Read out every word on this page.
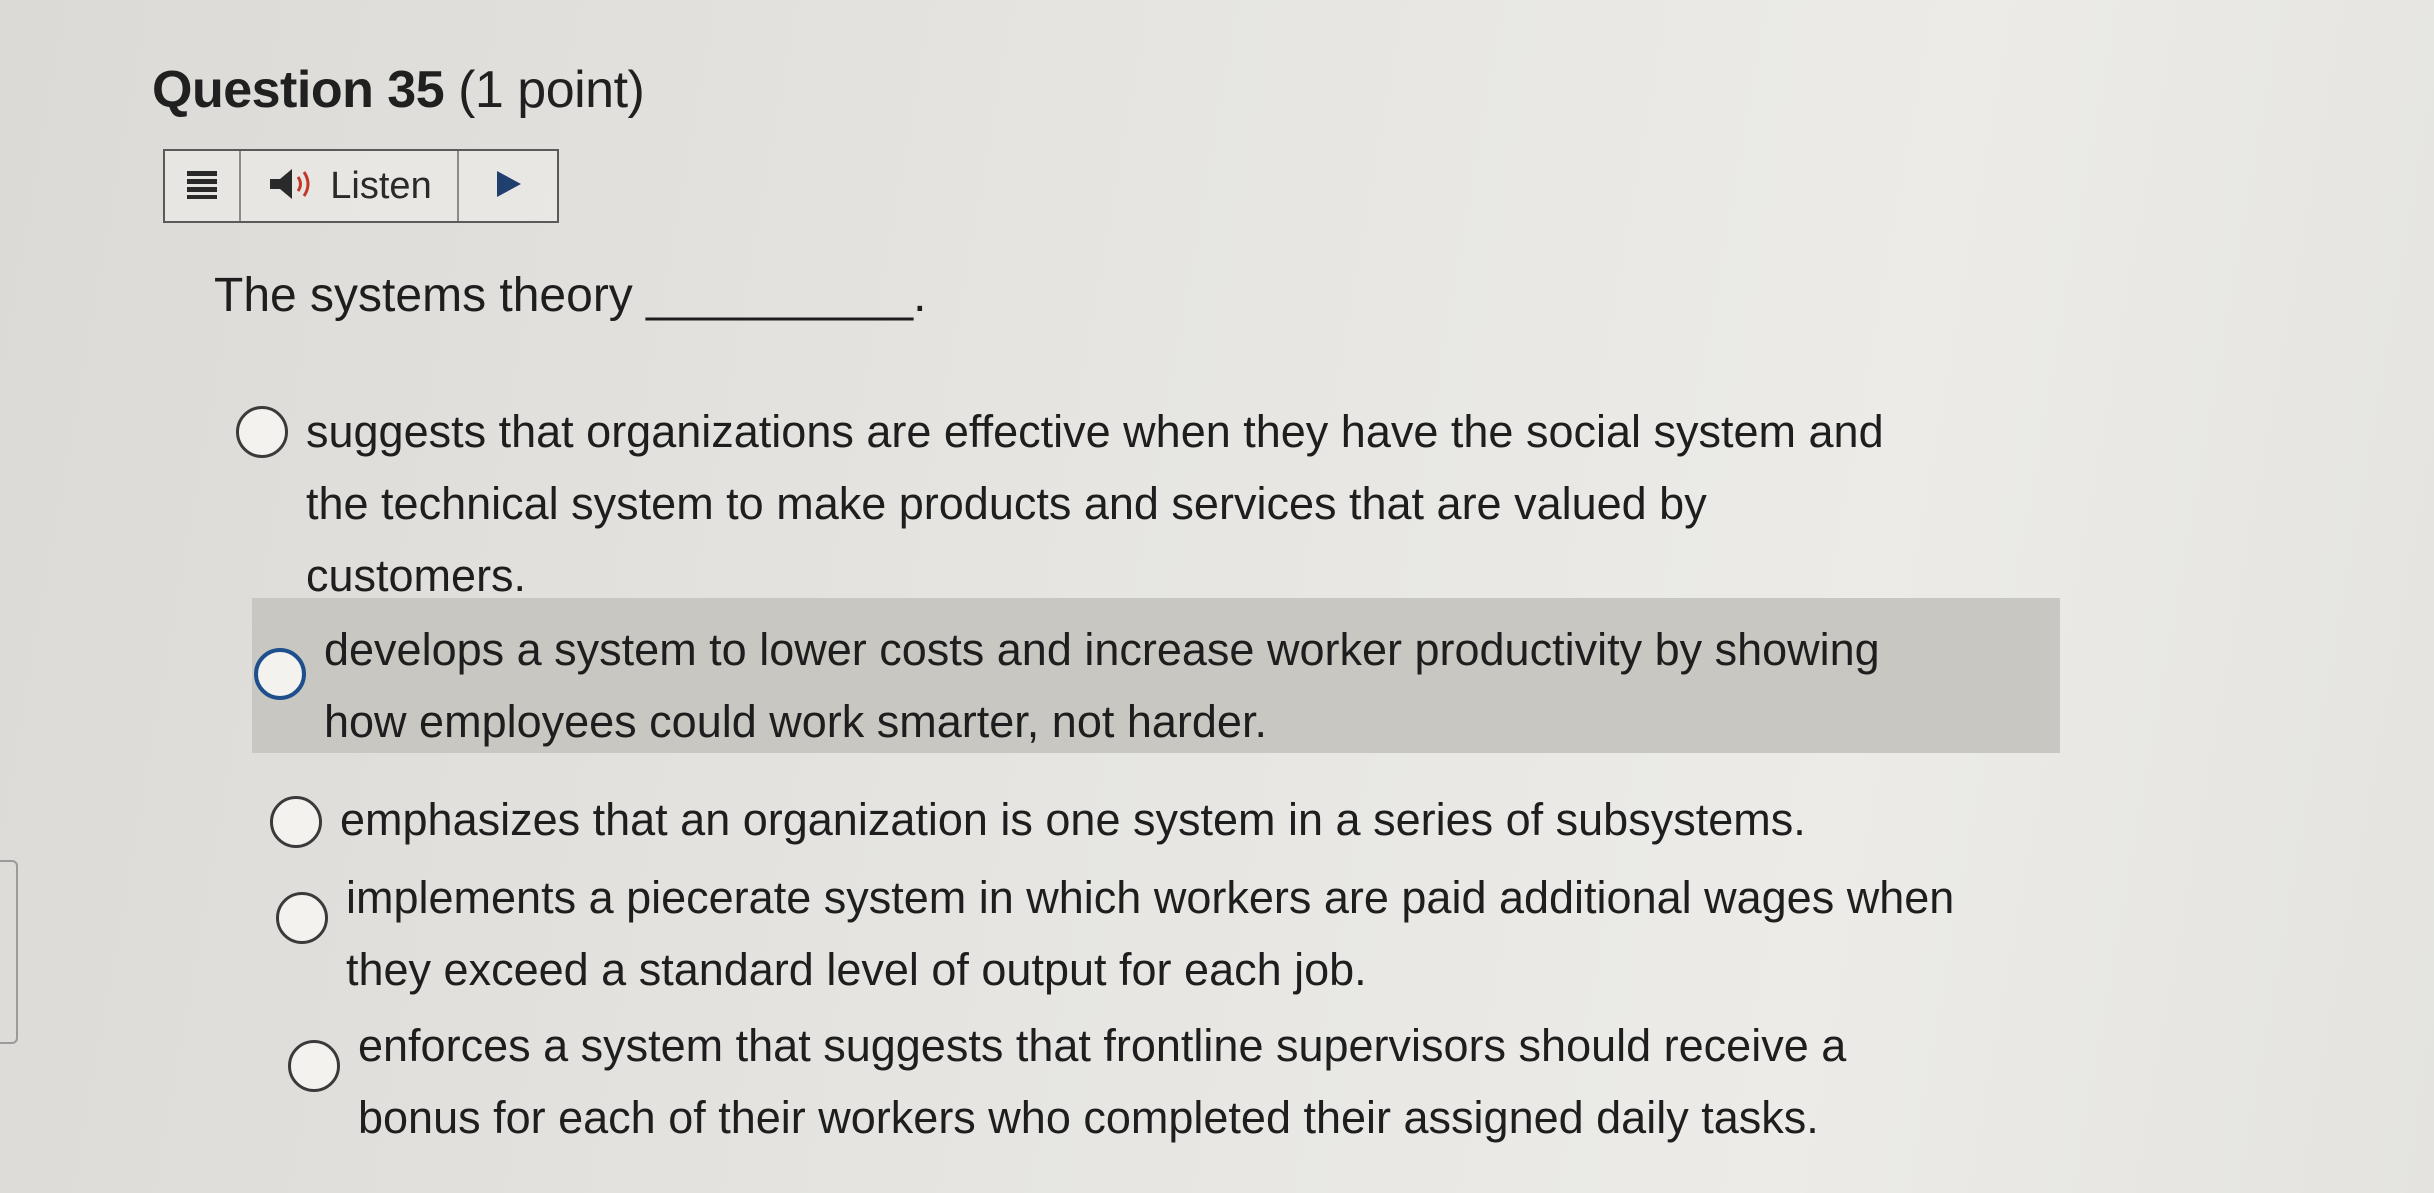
Question 35 (1 point)
Listen
The systems theory __________.
suggests that organizations are effective when they have the social system and
the technical system to make products and services that are valued by
customers.
develops a system to lower costs and increase worker productivity by showing
how employees could work smarter, not harder.
emphasizes that an organization is one system in a series of subsystems.
implements a piecerate system in which workers are paid additional wages when
they exceed a standard level of output for each job.
enforces a system that suggests that frontline supervisors should receive a
bonus for each of their workers who completed their assigned daily tasks.
